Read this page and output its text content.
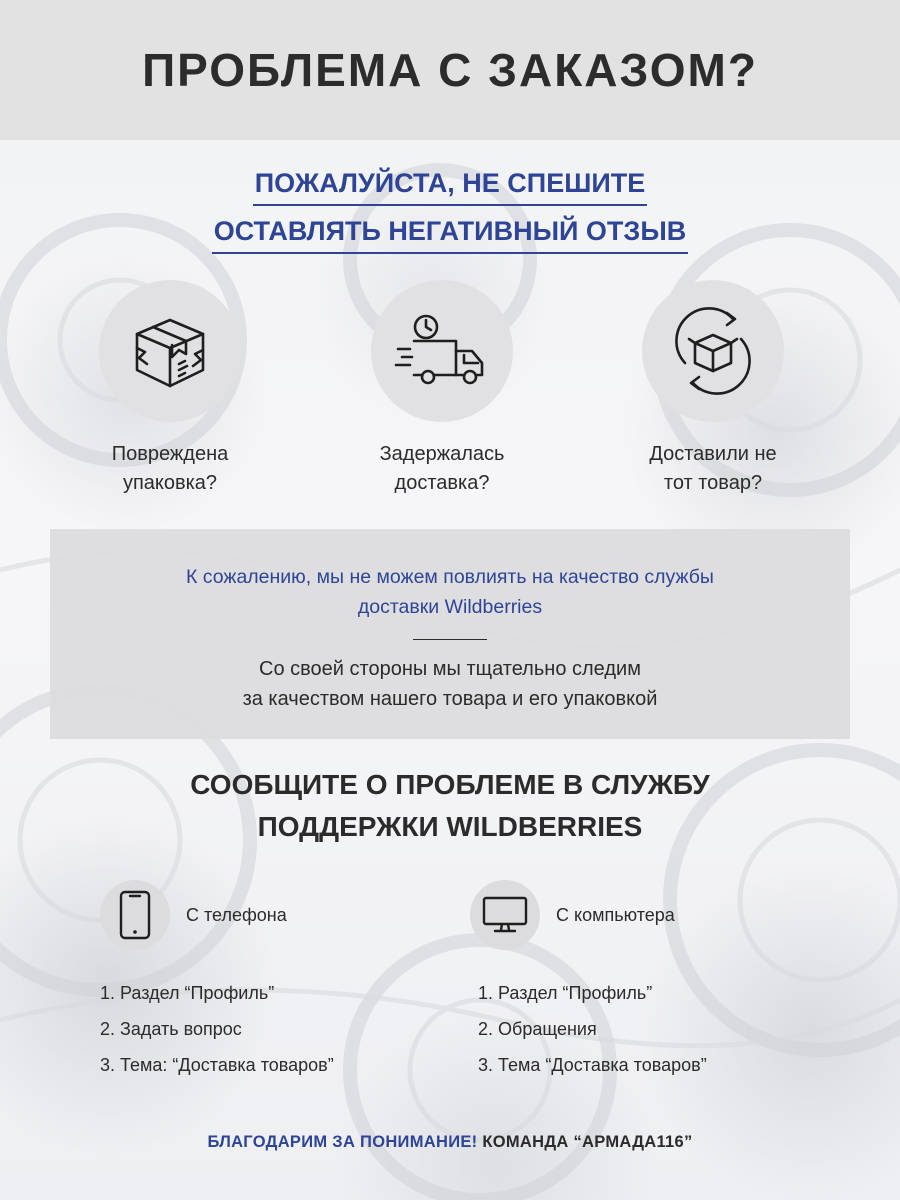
ПРОБЛЕМА С ЗАКАЗОМ?
ПОЖАЛУЙСТА, НЕ СПЕШИТЕ
ОСТАВЛЯТЬ НЕГАТИВНЫЙ ОТЗЫВ
Повреждена
упаковка?
Задержалась
доставка?
Доставили не
тот товар?
К сожалению, мы не можем повлиять на качество службы
доставки Wildberries
Со своей стороны мы тщательно следим
за качеством нашего товара и его упаковкой
СООБЩИТЕ О ПРОБЛЕМЕ В СЛУЖБУ
ПОДДЕРЖКИ WILDBERRIES
С телефона	С компьютера
1. Раздел “Профиль”
2. Задать вопрос
3. Тема: “Доставка товаров”
1. Раздел “Профиль”
2. Обращения
3. Тема “Доставка товаров”
БЛАГОДАРИМ ЗА ПОНИМАНИЕ! КОМАНДА “АРМАДА116”
